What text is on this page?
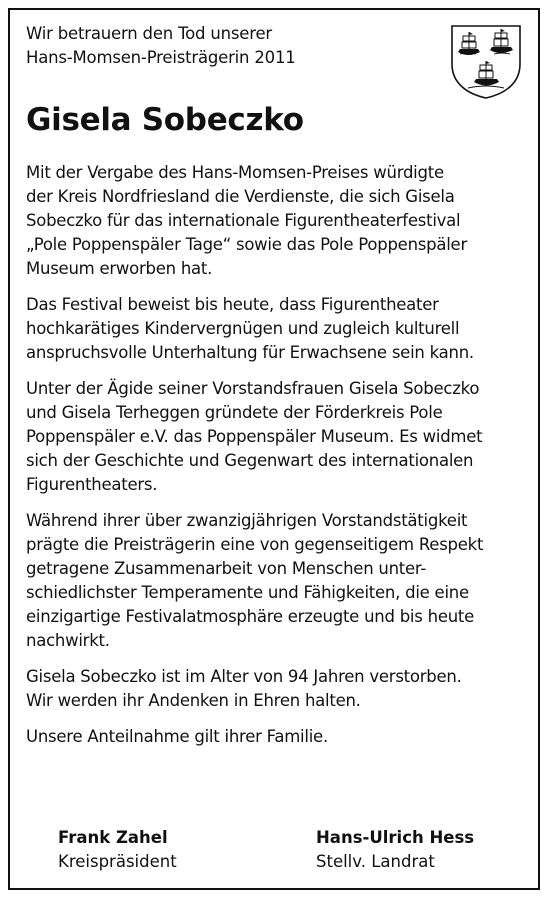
Wir betrauern den Tod unserer
Hans-Momsen-Preisträgerin 2011
Gisela Sobeczko

Mit der Vergabe des Hans-Momsen-Preises würdigte
der Kreis Nordfriesland die Verdienste, die sich Gisela
Sobeczko für das internationale Figurentheaterfestival
„Pole Poppenspäler Tage“ sowie das Pole Poppenspäler
Museum erworben hat.

Das Festival beweist bis heute, dass Figurentheater
hochkarätiges Kindervergnügen und zugleich kulturell
anspruchsvolle Unterhaltung für Erwachsene sein kann.

Unter der Ägide seiner Vorstandsfrauen Gisela Sobeczko
und Gisela Terheggen gründete der Förderkreis Pole
Poppenspäler e.V. das Poppenspäler Museum. Es widmet
sich der Geschichte und Gegenwart des internationalen
Figurentheaters.

Während ihrer über zwanzigjährigen Vorstandstätigkeit
prägte die Preisträgerin eine von gegenseitigem Respekt
getragene Zusammenarbeit von Menschen unter-
schiedlichster Temperamente und Fähigkeiten, die eine
einzigartige Festivalatmosphäre erzeugte und bis heute
nachwirkt.

Gisela Sobeczko ist im Alter von 94 Jahren verstorben.
Wir werden ihr Andenken in Ehren halten.

Unsere Anteilnahme gilt ihrer Familie.

Frank Zahel
Kreispräsident
Hans-Ulrich Hess
Stellv. Landrat
